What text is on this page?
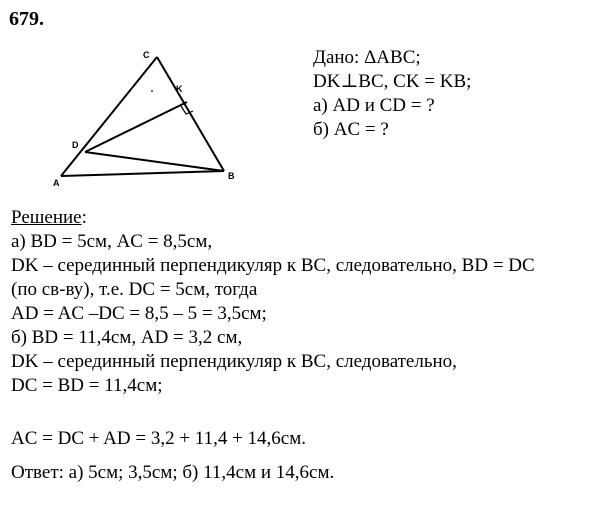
679.
C
K
D
A
B
Дано: ΔABC;
DK⊥BC, CK = KB;
а) AD и CD = ?
б) AC = ?
Решение:
а) BD = 5см, AC = 8,5см,
DK – серединный перпендикуляр к BC, следовательно, BD = DC
(по св-ву), т.е. DC = 5см, тогда
AD = AC –DC = 8,5 – 5 = 3,5см;
б) BD = 11,4см, AD = 3,2 см,
DK – серединный перпендикуляр к BC, следовательно,
DC = BD = 11,4см;
AC = DC + AD = 3,2 + 11,4 + 14,6см.
Ответ: а) 5см; 3,5см; б) 11,4см и 14,6см.
